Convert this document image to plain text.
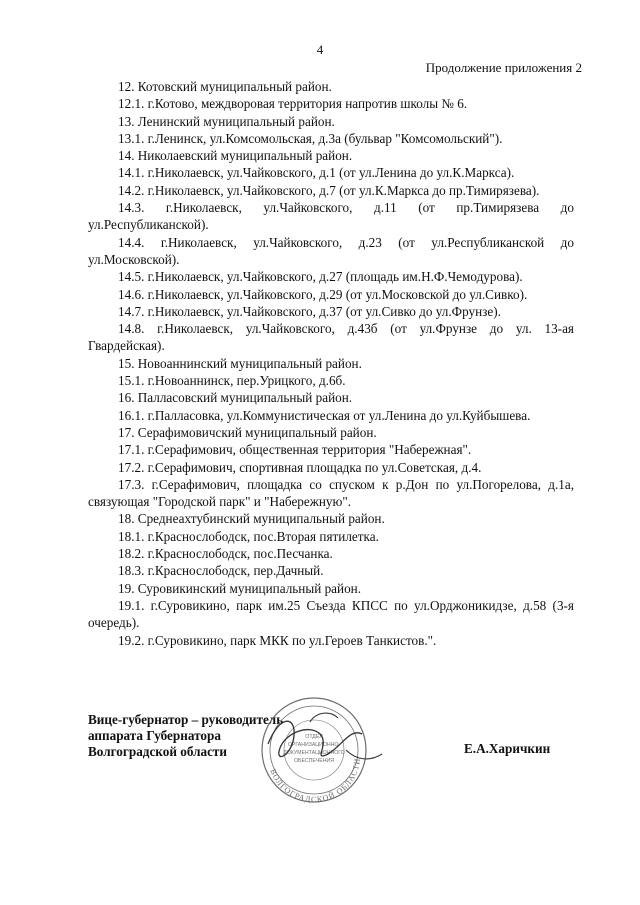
4
Продолжение приложения 2

12. Котовский муниципальный район.

12.1. г.Котово, междворовая территория напротив школы № 6.

13. Ленинский муниципальный район.

13.1. г.Ленинск, ул.Комсомольская, д.3а (бульвар "Комсомольский").

14. Николаевский муниципальный район.

14.1. г.Николаевск, ул.Чайковского, д.1 (от ул.Ленина до ул.К.Маркса).

14.2. г.Николаевск, ул.Чайковского, д.7 (от ул.К.Маркса до пр.Тимирязева).

14.3. г.Николаевск, ул.Чайковского, д.11 (от пр.Тимирязева до ул.Республиканской).

14.4. г.Николаевск, ул.Чайковского, д.23 (от ул.Республиканской до ул.Московской).

14.5. г.Николаевск, ул.Чайковского, д.27 (площадь им.Н.Ф.Чемодурова).

14.6. г.Николаевск, ул.Чайковского, д.29 (от ул.Московской до ул.Сивко).

14.7. г.Николаевск, ул.Чайковского, д.37 (от ул.Сивко до ул.Фрунзе).

14.8. г.Николаевск, ул.Чайковского, д.43б (от ул.Фрунзе до ул. 13-ая Гвардейская).

15. Новоаннинский муниципальный район.

15.1. г.Новоаннинск, пер.Урицкого, д.6б.

16. Палласовский муниципальный район.

16.1. г.Палласовка, ул.Коммунистическая от ул.Ленина до ул.Куйбышева.

17. Серафимовичский муниципальный район.

17.1. г.Серафимович, общественная территория "Набережная".

17.2. г.Серафимович, спортивная площадка по ул.Советская, д.4.

17.3. г.Серафимович, площадка со спуском к р.Дон по ул.Погорелова, д.1а, связующая "Городской парк" и "Набережную".

18. Среднеахтубинский муниципальный район.

18.1. г.Краснослободск, пос.Вторая пятилетка.

18.2. г.Краснослободск, пос.Песчанка.

18.3. г.Краснослободск, пер.Дачный.

19. Суровикинский муниципальный район.

19.1. г.Суровикино, парк им.25 Съезда КПСС по ул.Орджоникидзе, д.58 (3-я очередь).

19.2. г.Суровикино, парк МКК по ул.Героев Танкистов.".

Вице-губернатор – руководитель
аппарата Губернатора
Волгоградской области	Е.А.Харичкин
ВОЛГОГРАДСКОЙ ОБЛАСТИ
ОТДЕЛ
ОРГАНИЗАЦИОННО-
ДОКУМЕНТАЦИОННОГО
ОБЕСПЕЧЕНИЯ
